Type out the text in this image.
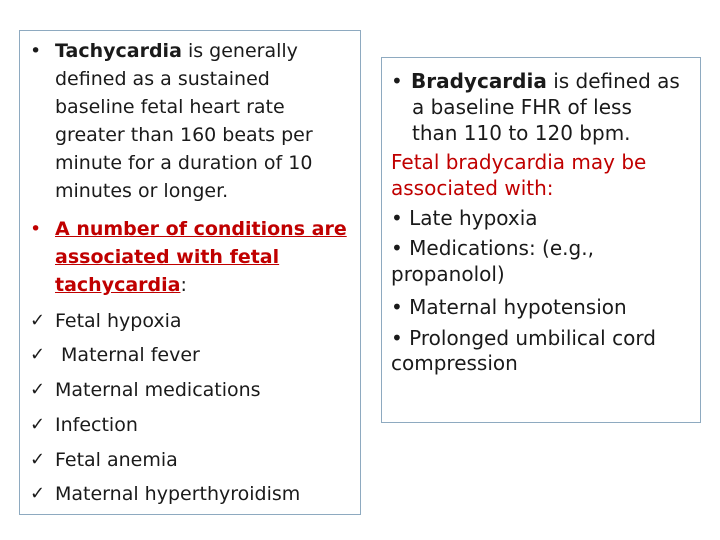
• Tachycardia is generally
defined as a sustained
baseline fetal heart rate
greater than 160 beats per
minute for a duration of 10
minutes or longer.
• A number of conditions are
associated with fetal
tachycardia:
✓ Fetal hypoxia
✓ Maternal fever
✓ Maternal medications
✓ Infection
✓ Fetal anemia
✓ Maternal hyperthyroidism
• Bradycardia is defined as
a baseline FHR of less
than 110 to 120 bpm.
Fetal bradycardia may be
associated with:
• Late hypoxia
• Medications: (e.g.,
propanolol)
• Maternal hypotension
• Prolonged umbilical cord
compression
